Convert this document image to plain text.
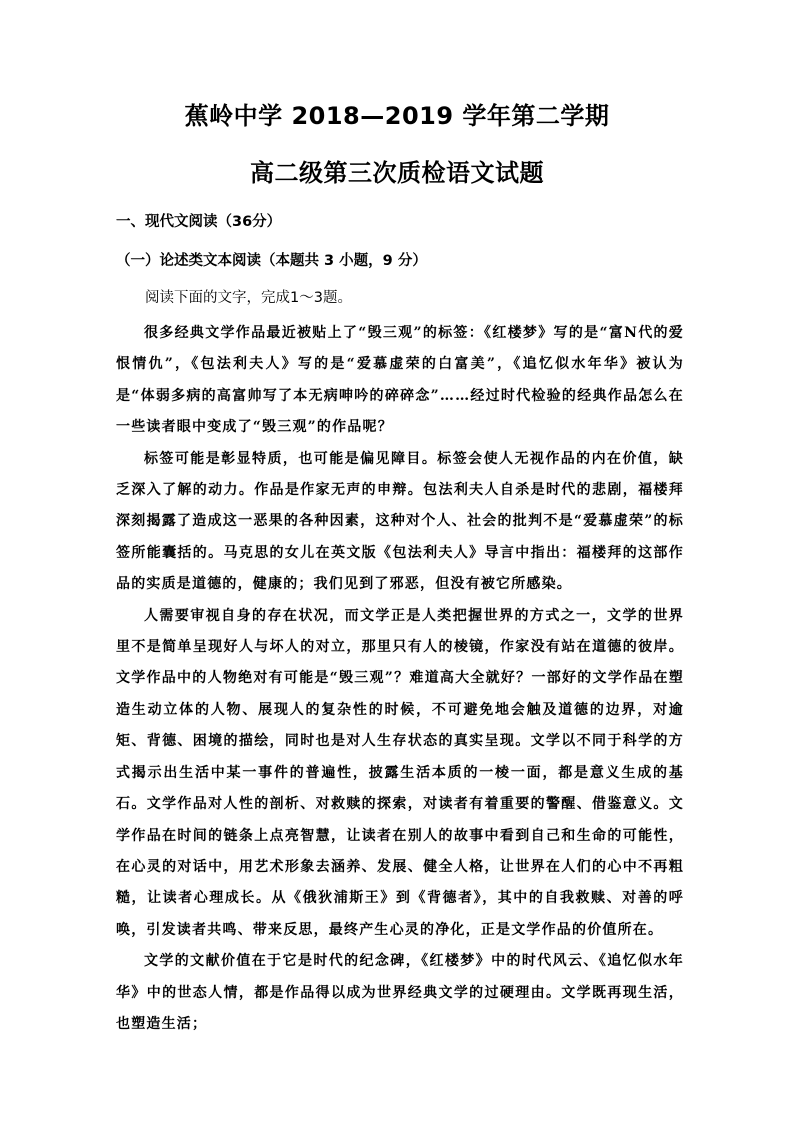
蕉岭中学 2018—2019 学年第二学期
高二级第三次质检语文试题
一、现代文阅读（36分）
（一）论述类文本阅读（本题共 3 小题，9 分）

阅读下面的文字，完成1～3题。

很多经典文学作品最近被贴上了“毁三观”的标签：《红楼梦》写的是“富N代的爱恨情仇”，《包法利夫人》写的是“爱慕虚荣的白富美”，《追忆似水年华》被认为是“体弱多病的高富帅写了本无病呻吟的碎碎念”……经过时代检验的经典作品怎么在一些读者眼中变成了“毁三观”的作品呢？

标签可能是彰显特质，也可能是偏见障目。标签会使人无视作品的内在价值，缺乏深入了解的动力。作品是作家无声的申辩。包法利夫人自杀是时代的悲剧，福楼拜深刻揭露了造成这一恶果的各种因素，这种对个人、社会的批判不是“爱慕虚荣”的标签所能囊括的。马克思的女儿在英文版《包法利夫人》导言中指出：福楼拜的这部作品的实质是道德的，健康的；我们见到了邪恶，但没有被它所感染。

人需要审视自身的存在状况，而文学正是人类把握世界的方式之一，文学的世界里不是简单呈现好人与坏人的对立，那里只有人的棱镜，作家没有站在道德的彼岸。文学作品中的人物绝对有可能是“毁三观”？难道高大全就好？一部好的文学作品在塑造生动立体的人物、展现人的复杂性的时候，不可避免地会触及道德的边界，对逾矩、背德、困境的描绘，同时也是对人生存状态的真实呈现。文学以不同于科学的方式揭示出生活中某一事件的普遍性，披露生活本质的一棱一面，都是意义生成的基石。文学作品对人性的剖析、对救赎的探索，对读者有着重要的警醒、借鉴意义。文学作品在时间的链条上点亮智慧，让读者在别人的故事中看到自己和生命的可能性，在心灵的对话中，用艺术形象去涵养、发展、健全人格，让世界在人们的心中不再粗糙，让读者心理成长。从《俄狄浦斯王》到《背德者》，其中的自我救赎、对善的呼唤，引发读者共鸣、带来反思，最终产生心灵的净化，正是文学作品的价值所在。

文学的文献价值在于它是时代的纪念碑，《红楼梦》中的时代风云、《追忆似水年华》中的世态人情，都是作品得以成为世界经典文学的过硬理由。文学既再现生活，也塑造生活；
